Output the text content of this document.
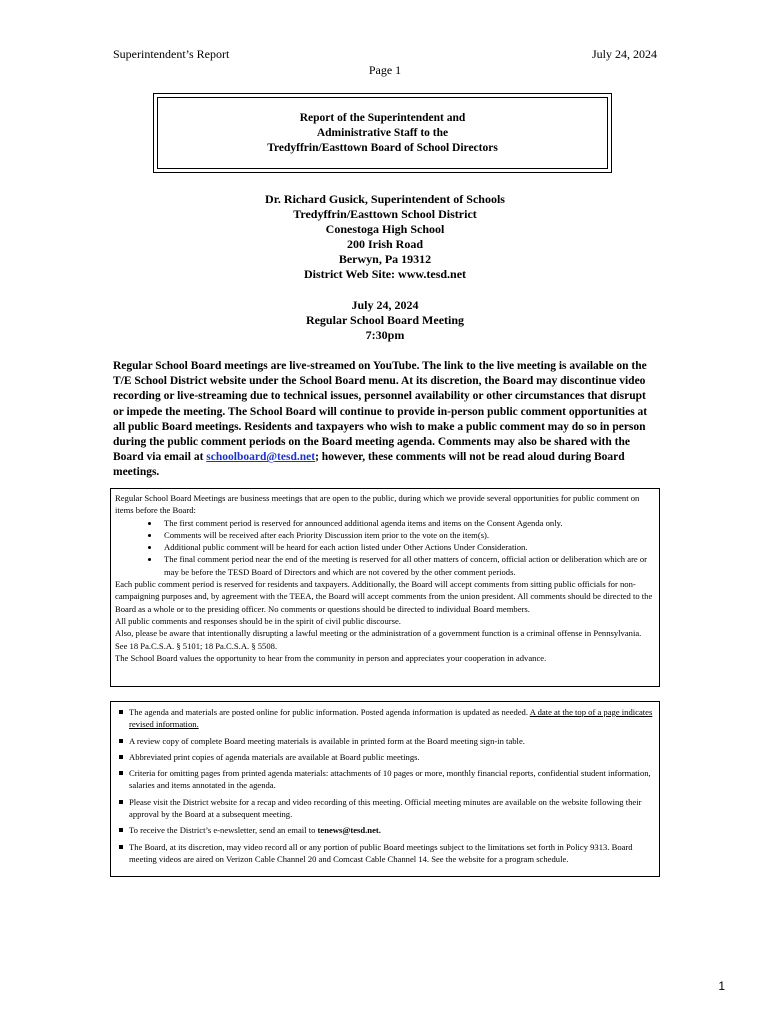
Superintendent’s Report	July 24, 2024
Page 1
Report of the Superintendent and
Administrative Staff to the
Tredyffrin/Easttown Board of School Directors
Dr. Richard Gusick, Superintendent of Schools
Tredyffrin/Easttown School District
Conestoga High School
200 Irish Road
Berwyn, Pa 19312
District Web Site: www.tesd.net
July 24, 2024
Regular School Board Meeting
7:30pm
Regular School Board meetings are live-streamed on YouTube. The link to the live meeting is available on the T/E School District website under the School Board menu. At its discretion, the Board may discontinue video recording or live-streaming due to technical issues, personnel availability or other circumstances that disrupt or impede the meeting. The School Board will continue to provide in-person public comment opportunities at all public Board meetings. Residents and taxpayers who wish to make a public comment may do so in person during the public comment periods on the Board meeting agenda. Comments may also be shared with the Board via email at schoolboard@tesd.net; however, these comments will not be read aloud during Board meetings.

Regular School Board Meetings are business meetings that are open to the public, during which we provide several opportunities for public comment on items before the Board:

• The first comment period is reserved for announced additional agenda items and items on the Consent Agenda only.
• Comments will be received after each Priority Discussion item prior to the vote on the item(s).
• Additional public comment will be heard for each action listed under Other Actions Under Consideration.
• The final comment period near the end of the meeting is reserved for all other matters of concern, official action or deliberation which are or may be before the TESD Board of Directors and which are not covered by the other comment periods.

Each public comment period is reserved for residents and taxpayers. Additionally, the Board will accept comments from sitting public officials for non-campaigning purposes and, by agreement with the TEEA, the Board will accept comments from the union president. All comments should be directed to the Board as a whole or to the presiding officer. No comments or questions should be directed to individual Board members.

All public comments and responses should be in the spirit of civil public discourse.

Also, please be aware that intentionally disrupting a lawful meeting or the administration of a government function is a criminal offense in Pennsylvania. See 18 Pa.C.S.A. § 5101; 18 Pa.C.S.A. § 5508.

The School Board values the opportunity to hear from the community in person and appreciates your cooperation in advance.

The agenda and materials are posted online for public information. Posted agenda information is updated as needed. A date at the top of a page indicates revised information.
A review copy of complete Board meeting materials is available in printed form at the Board meeting sign-in table.
Abbreviated print copies of agenda materials are available at Board public meetings.
Criteria for omitting pages from printed agenda materials: attachments of 10 pages or more, monthly financial reports, confidential student information, salaries and items annotated in the agenda.
Please visit the District website for a recap and video recording of this meeting. Official meeting minutes are available on the website following their approval by the Board at a subsequent meeting.
To receive the District’s e-newsletter, send an email to tenews@tesd.net.
The Board, at its discretion, may video record all or any portion of public Board meetings subject to the limitations set forth in Policy 9313. Board meeting videos are aired on Verizon Cable Channel 20 and Comcast Cable Channel 14. See the website for a program schedule.
1
